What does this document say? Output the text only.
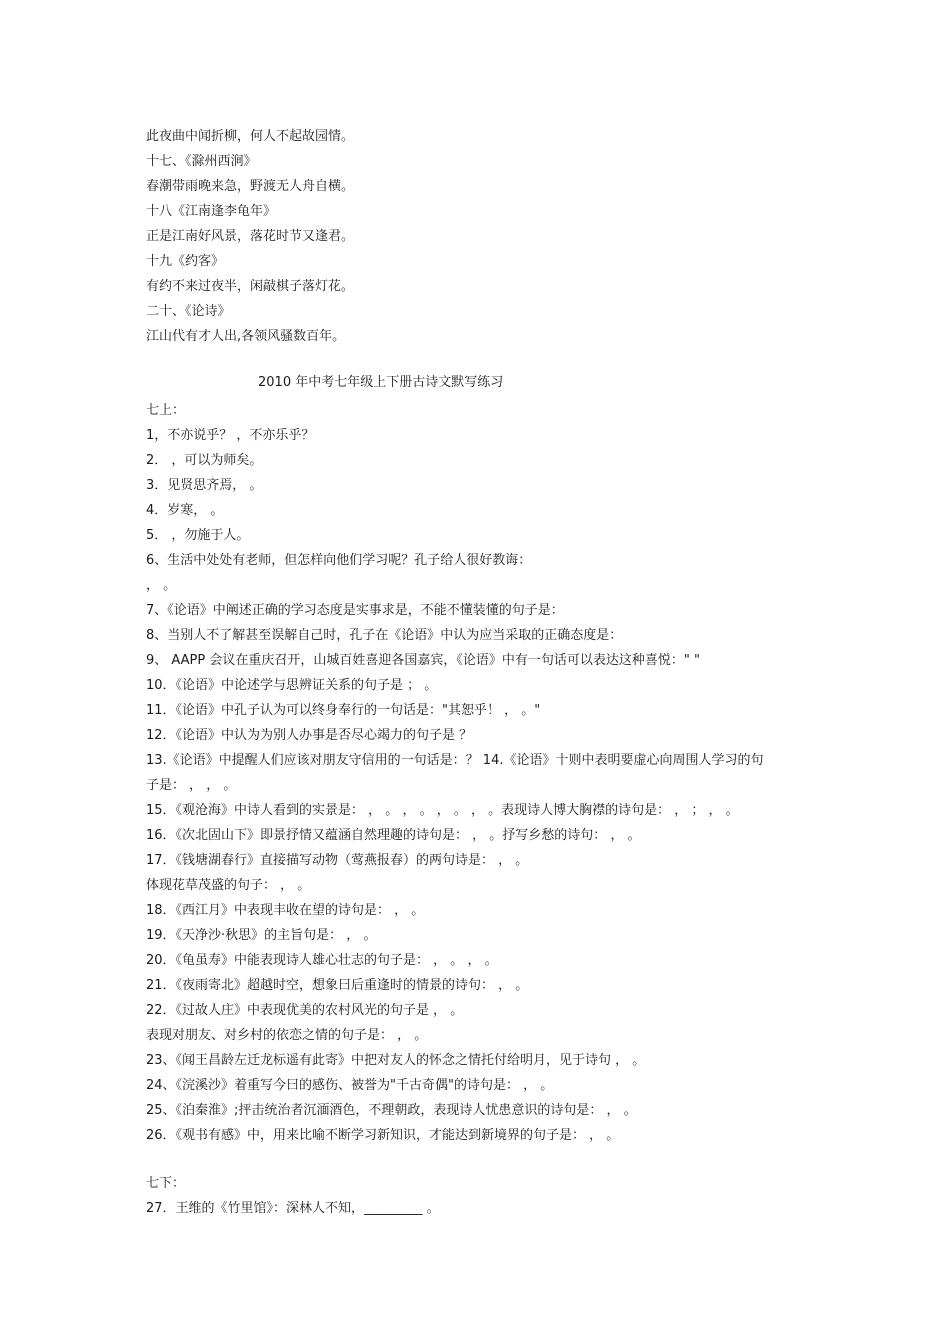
此夜曲中闻折柳，何人不起故园情。
十七、《滁州西涧》
春潮带雨晚来急，野渡无人舟自横。
十八《江南逢李龟年》
正是江南好风景，落花时节又逢君。
十九《约客》
有约不来过夜半，闲敲棋子落灯花。
二十、《论诗》
江山代有才人出,各领风骚数百年。
2010 年中考七年级上下册古诗文默写练习
七上：
1，不亦说乎？ ，不亦乐乎？
2． ，可以为师矣。
3．见贤思齐焉， 。
4．岁寒， 。
5． ，勿施于人。
6、生活中处处有老师，但怎样向他们学习呢？孔子给人很好教诲：
， 。
7、《论语》中阐述正确的学习态度是实事求是，不能不懂装懂的句子是：
8、当别人不了解甚至误解自己时，孔子在《论语》中认为应当采取的正确态度是：
9、 AAPP 会议在重庆召开，山城百姓喜迎各国嘉宾，《论语》中有一句话可以表达这种喜悦：" "
10．《论语》中论述学与思辨证关系的句子是 ； 。
11．《论语》中孔子认为可以终身奉行的一句话是："其恕乎！ ， 。"
12．《论语》中认为为别人办事是否尽心竭力的句子是 ？
13.《论语》中提醒人们应该对朋友守信用的一句话是：？ 14.《论语》十则中表明要虚心向周围人学习的句
子是： ， ， 。
15．《观沧海》中诗人看到的实景是： ， 。 ， 。 ， 。 ， 。表现诗人博大胸襟的诗句是： ， ； ， 。
16．《次北固山下》即景抒情又蕴涵自然理趣的诗句是： ， 。抒写乡愁的诗句： ， 。
17．《钱塘湖春行》直接描写动物（莺燕报春）的两句诗是： ， 。
体现花草茂盛的句子： ， 。
18．《西江月》中表现丰收在望的诗句是： ， 。
19．《天净沙·秋思》的主旨句是： ， 。
20．《龟虽寿》中能表现诗人雄心壮志的句子是： ， 。 ， 。
21．《夜雨寄北》超越时空，想象曰后重逢时的情景的诗句： ， 。
22．《过故人庄》中表现优美的农村风光的句子是 ， 。
表现对朋友、对乡村的依恋之情的句子是： ， 。
23、《闻王昌龄左迁龙标遥有此寄》中把对友人的怀念之情托付给明月，见于诗句 ， 。
24、《浣溪沙》着重写今曰的感伤、被誉为"千古奇偶"的诗句是： ， 。
25、《泊秦淮》;抨击统治者沉湎酒色，不理朝政，表现诗人忧患意识的诗句是： ， 。
26．《观书有感》中，用来比喻不断学习新知识，才能达到新境界的句子是： ， 。
七下：
27．王维的《竹里馆》：深林人不知，_________ 。
